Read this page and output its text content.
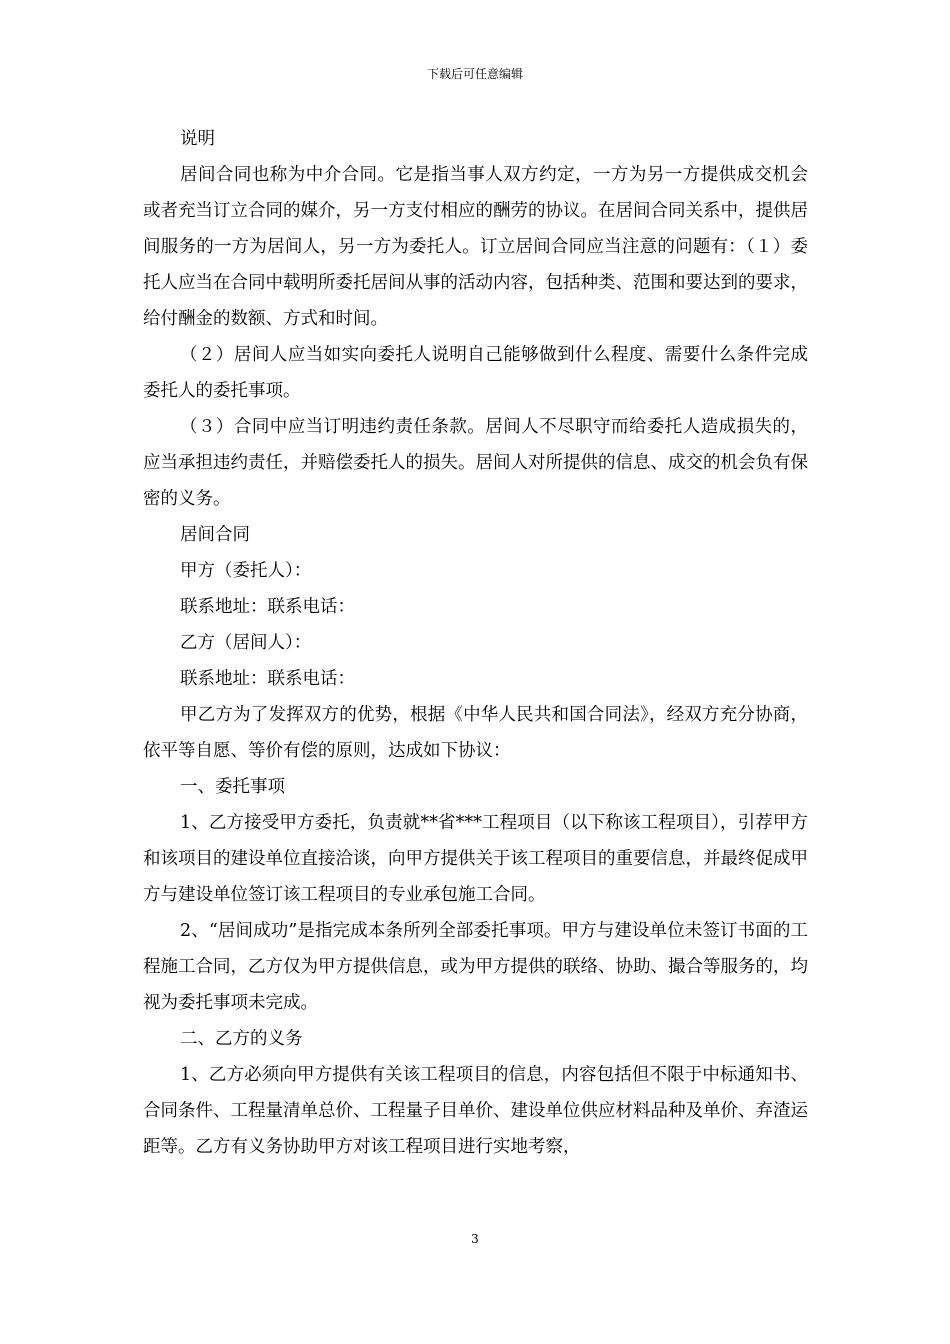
下载后可任意编辑

说明

居间合同也称为中介合同。它是指当事人双方约定，一方为另一方提供成交机会或者充当订立合同的媒介，另一方支付相应的酬劳的协议。在居间合同关系中，提供居间服务的一方为居间人，另一方为委托人。订立居间合同应当注意的问题有：（１）委托人应当在合同中载明所委托居间从事的活动内容，包括种类、范围和要达到的要求，给付酬金的数额、方式和时间。

（２）居间人应当如实向委托人说明自己能够做到什么程度、需要什么条件完成委托人的委托事项。

（３）合同中应当订明违约责任条款。居间人不尽职守而给委托人造成损失的，应当承担违约责任，并赔偿委托人的损失。居间人对所提供的信息、成交的机会负有保密的义务。

居间合同

甲方（委托人）：

联系地址：联系电话：

乙方（居间人）：

联系地址：联系电话：

甲乙方为了发挥双方的优势，根据《中华人民共和国合同法》，经双方充分协商，依平等自愿、等价有偿的原则，达成如下协议：

一、委托事项

1、乙方接受甲方委托，负责就**省***工程项目（以下称该工程项目），引荐甲方和该项目的建设单位直接洽谈，向甲方提供关于该工程项目的重要信息，并最终促成甲方与建设单位签订该工程项目的专业承包施工合同。

2、“居间成功”是指完成本条所列全部委托事项。甲方与建设单位未签订书面的工程施工合同，乙方仅为甲方提供信息，或为甲方提供的联络、协助、撮合等服务的，均视为委托事项未完成。

二、乙方的义务

1、乙方必须向甲方提供有关该工程项目的信息，内容包括但不限于中标通知书、合同条件、工程量清单总价、工程量子目单价、建设单位供应材料品种及单价、弃渣运距等。乙方有义务协助甲方对该工程项目进行实地考察，

3
